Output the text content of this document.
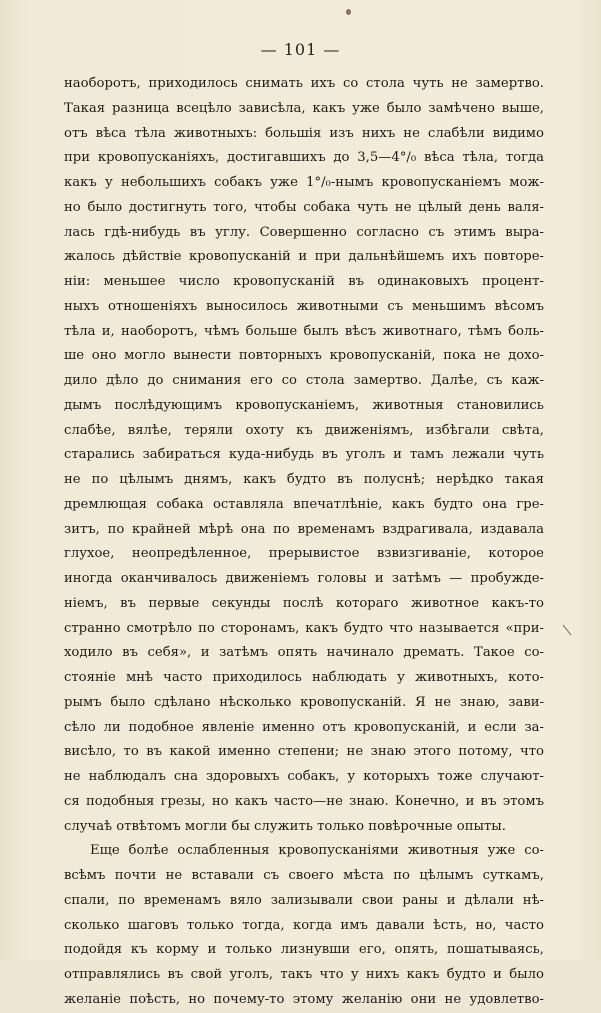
— 101 —
наоборотъ, приходилось снимать ихъ со стола чуть не замертво.
Такая разница всецѣло зависѣла, какъ уже было замѣчено выше,
отъ вѣса тѣла животныхъ: большія изъ нихъ не слабѣли видимо
при кровопусканіяхъ, достигавшихъ до 3,5—4°/₀ вѣса тѣла, тогда
какъ у небольшихъ собакъ уже 1°/₀-нымъ кровопусканіемъ мож-
но было достигнуть того, чтобы собака чуть не цѣлый день валя-
лась гдѣ-нибудь въ углу. Совершенно согласно съ этимъ выра-
жалось дѣйствіе кровопусканій и при дальнѣйшемъ ихъ повторе-
ніи: меньшее число кровопусканій въ одинаковыхъ процент-
ныхъ отношеніяхъ выносилось животными съ меньшимъ вѣсомъ
тѣла и, наоборотъ, чѣмъ больше былъ вѣсъ животнаго, тѣмъ боль-
ше оно могло вынести повторныхъ кровопусканій, пока не дохо-
дило дѣло до снимания его со стола замертво. Далѣе, съ каж-
дымъ послѣдующимъ кровопусканіемъ, животныя становились
слабѣе, вялѣе, теряли охоту къ движеніямъ, избѣгали свѣта,
старались забираться куда-нибудь въ уголъ и тамъ лежали чуть
не по цѣлымъ днямъ, какъ будто въ полуснѣ; нерѣдко такая
дремлющая собака оставляла впечатлѣніе, какъ будто она гре-
зитъ, по крайней мѣрѣ она по временамъ вздрагивала, издавала
глухое, неопредѣленное, прерывистое взвизгиваніе, которое
иногда оканчивалось движеніемъ головы и затѣмъ — пробужде-
ніемъ, въ первые секунды послѣ котораго животное какъ-то
странно смотрѣло по сторонамъ, какъ будто что называется «при-
ходило въ себя», и затѣмъ опять начинало дремать. Такое со-
стояніе мнѣ часто приходилось наблюдать у животныхъ, кото-
рымъ было сдѣлано нѣсколько кровопусканій. Я не знаю, зави-
сѣло ли подобное явленіе именно отъ кровопусканій, и если за-
висѣло, то въ какой именно степени; не знаю этого потому, что
не наблюдалъ сна здоровыхъ собакъ, у которыхъ тоже случают-
ся подобныя грезы, но какъ часто—не знаю. Конечно, и въ этомъ
случаѣ отвѣтомъ могли бы служить только повѣрочные опыты.
Еще болѣе ослабленныя кровопусканіями животныя уже со-
всѣмъ почти не вставали съ своего мѣста по цѣлымъ суткамъ,
спали, по временамъ вяло зализывали свои раны и дѣлали нѣ-
сколько шаговъ только тогда, когда имъ давали ѣсть, но, часто
подойдя къ корму и только лизнувши его, опять, пошатываясь,
отправлялись въ свой уголъ, такъ что у нихъ какъ будто и было
желаніе поѣсть, но почему-то этому желанію они не удовлетво-
